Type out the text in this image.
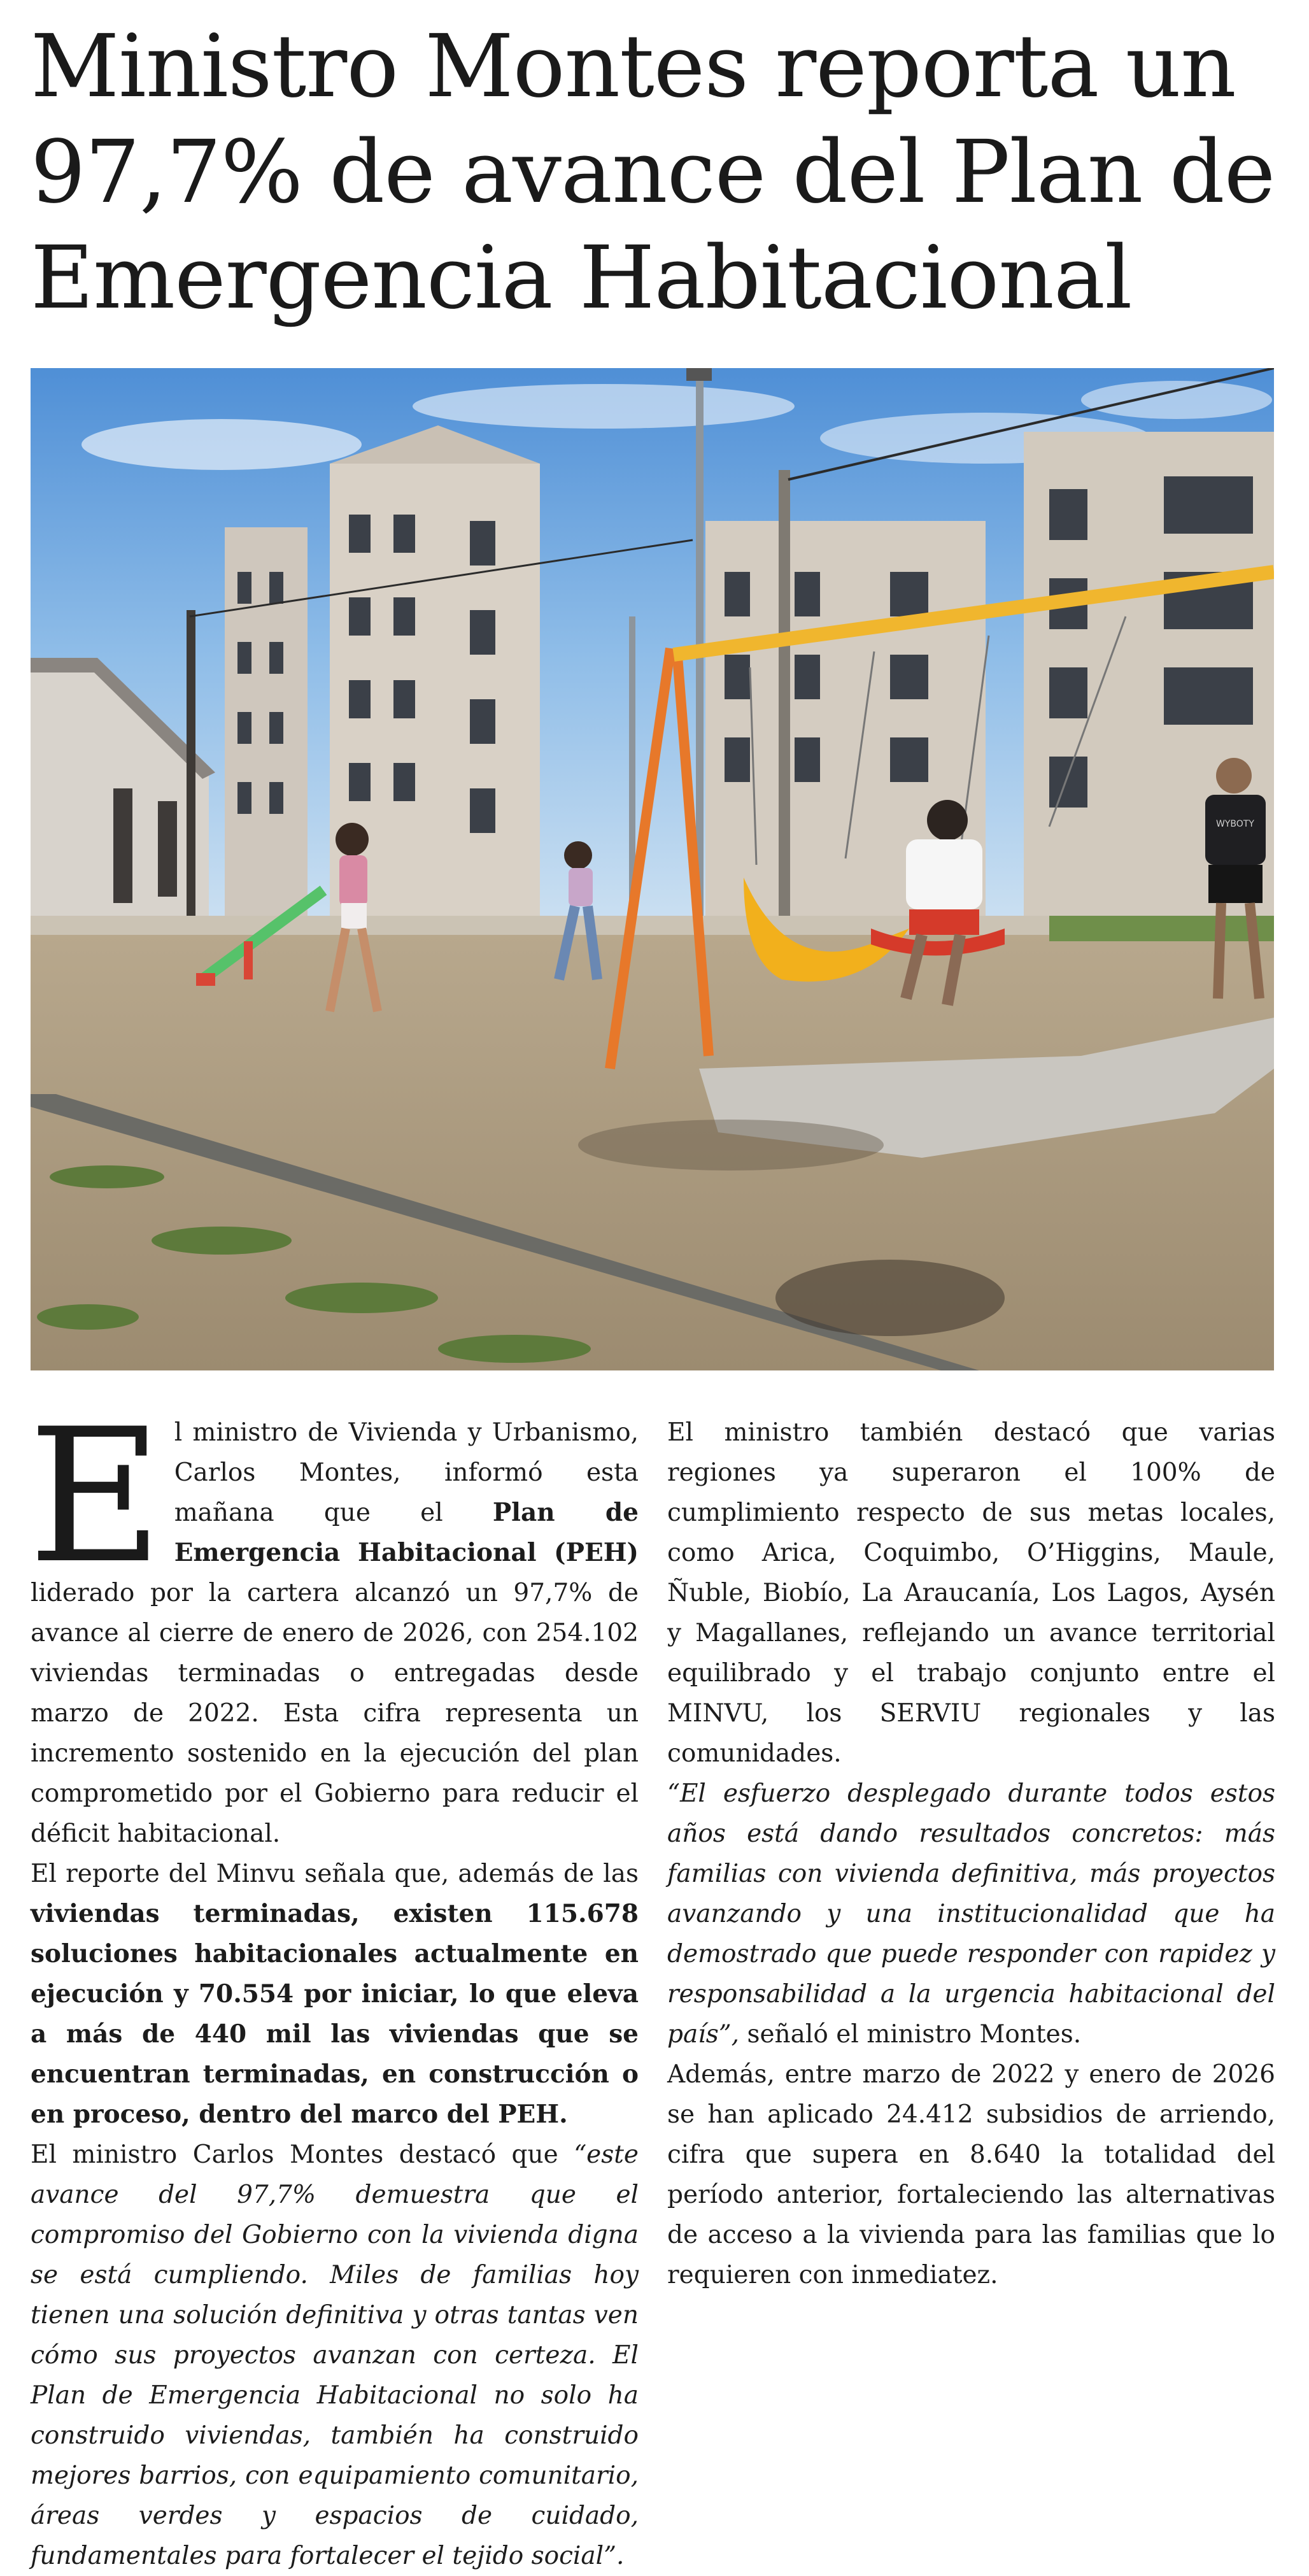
Ministro Montes reporta un
97,7% de avance del Plan de
Emergencia Habitacional
WYBOTY

El ministro de Vivienda y Urbanismo, Carlos Montes, informó esta mañana que el Plan de Emergencia Habitacional (PEH) liderado por la cartera alcanzó un 97,7% de avance al cierre de enero de 2026, con 254.102 viviendas terminadas o entregadas desde marzo de 2022. Esta cifra representa un incremento sostenido en la ejecución del plan comprometido por el Gobierno para reducir el déficit habitacional.

El reporte del Minvu señala que, además de las viviendas terminadas, existen 115.678 soluciones habitacionales actualmente en ejecución y 70.554 por iniciar, lo que eleva a más de 440 mil las viviendas que se encuentran terminadas, en construcción o en proceso, dentro del marco del PEH.

El ministro Carlos Montes destacó que “este avance del 97,7% demuestra que el compromiso del Gobierno con la vivienda digna se está cumpliendo. Miles de familias hoy tienen una solución definitiva y otras tantas ven cómo sus proyectos avanzan con certeza. El Plan de Emergencia Habitacional no solo ha construido viviendas, también ha construido mejores barrios, con equipamiento comunitario, áreas verdes y espacios de cuidado, fundamentales para fortalecer el tejido social”.

El ministro también destacó que varias regiones ya superaron el 100% de cumplimiento respecto de sus metas locales, como Arica, Coquimbo, O’Higgins, Maule, Ñuble, Biobío, La Araucanía, Los Lagos, Aysén y Magallanes, reflejando un avance territorial equilibrado y el trabajo conjunto entre el MINVU, los SERVIU regionales y las comunidades.

“El esfuerzo desplegado durante todos estos años está dando resultados concretos: más familias con vivienda definitiva, más proyectos avanzando y una institucionalidad que ha demostrado que puede responder con rapidez y responsabilidad a la urgencia habitacional del país”, señaló el ministro Montes.

Además, entre marzo de 2022 y enero de 2026 se han aplicado 24.412 subsidios de arriendo, cifra que supera en 8.640 la totalidad del período anterior, fortaleciendo las alternativas de acceso a la vivienda para las familias que lo requieren con inmediatez.
